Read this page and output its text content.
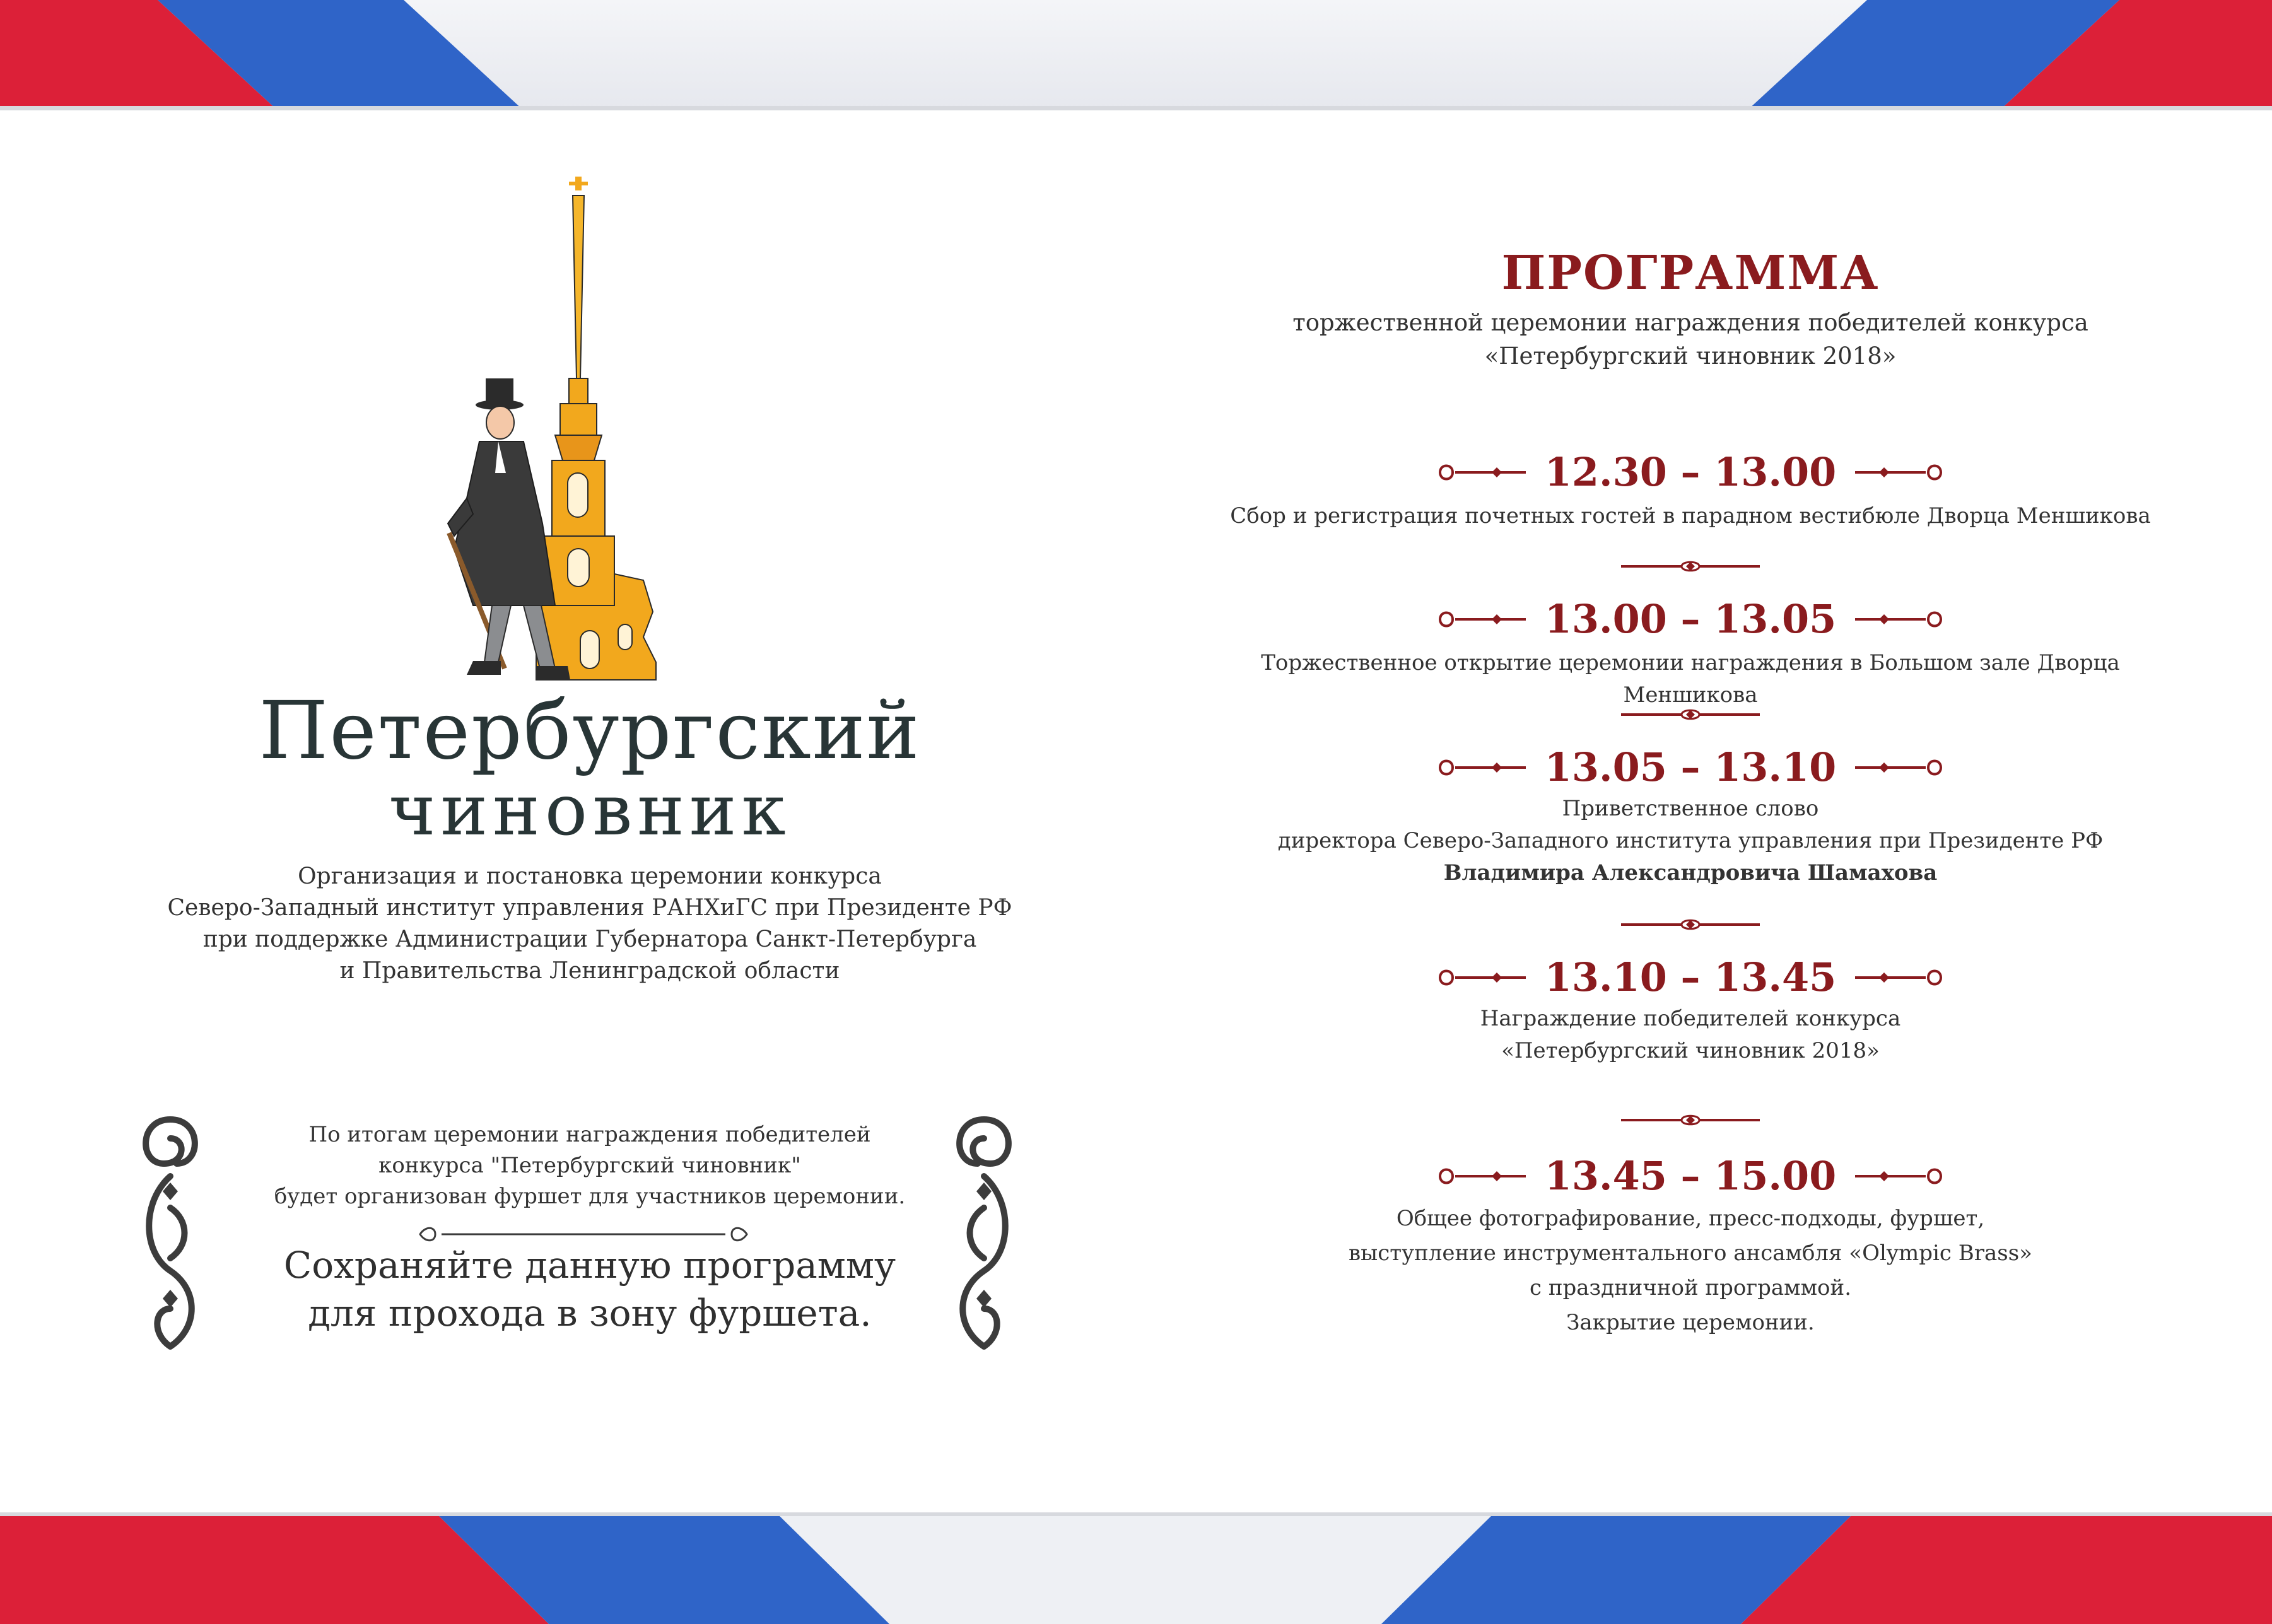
Петербургский
чиновник
Организация и постановка церемонии конкурса
Северо-Западный институт управления РАНХиГС при Президенте РФ
при поддержке Администрации Губернатора Санкт-Петербурга
и Правительства Ленинградской области
По итогам церемонии награждения победителей
конкурса "Петербургский чиновник"
будет организован фуршет для участников церемонии.
Сохраняйте данную программу
для прохода в зону фуршета.
ПРОГРАММА
торжественной церемонии награждения победителей конкурса
«Петербургский чиновник 2018»
12.30 – 13.00
Сбор и регистрация почетных гостей в парадном вестибюле Дворца Меншикова
13.00 – 13.05
Торжественное открытие церемонии награждения в Большом зале Дворца Меншикова
13.05 – 13.10
Приветственное слово
директора Северо-Западного института управления при Президенте РФ
Владимира Александровича Шамахова
13.10 – 13.45
Награждение победителей конкурса
«Петербургский чиновник 2018»
13.45 – 15.00
Общее фотографирование, пресс-подходы, фуршет,
выступление инструментального ансамбля «Olympic Brass»
с праздничной программой.
Закрытие церемонии.
